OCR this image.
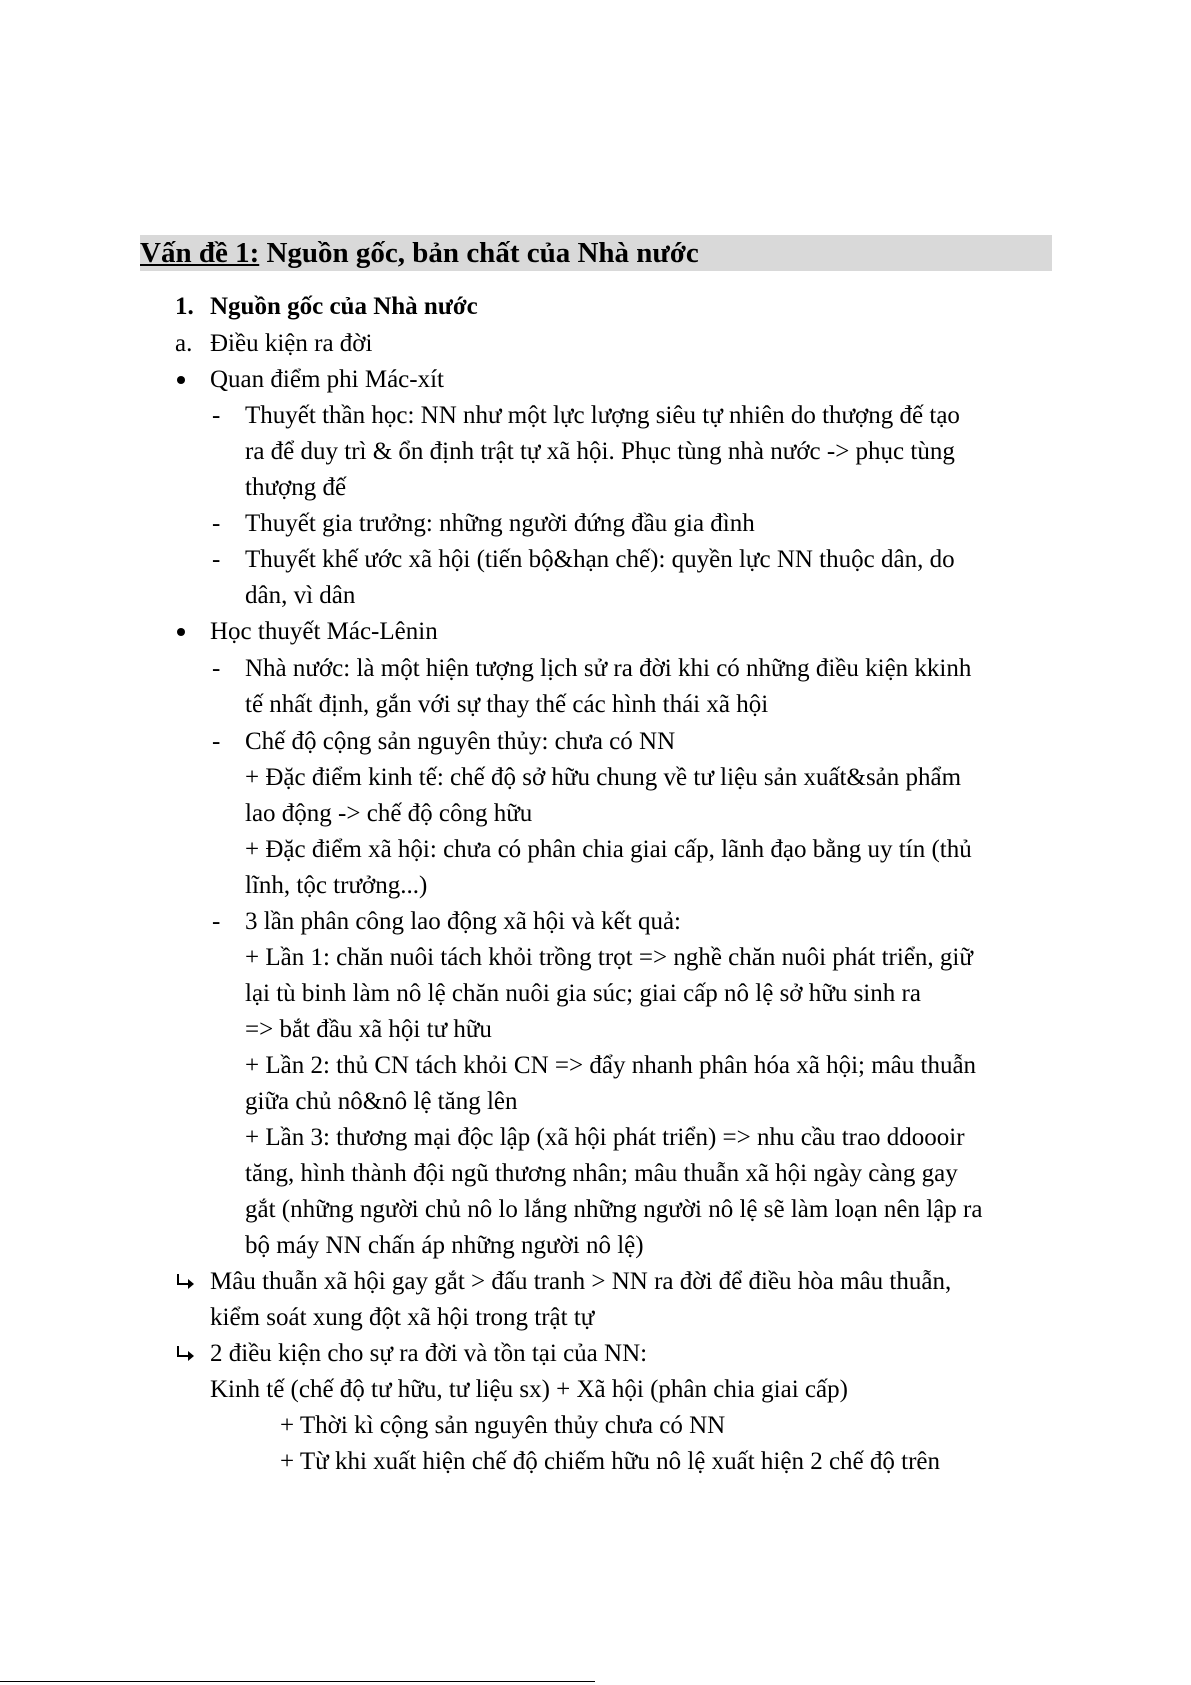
Vấn đề 1: Nguồn gốc, bản chất của Nhà nước
1. Nguồn gốc của Nhà nước
a. Điều kiện ra đời
Quan điểm phi Mác-xít
- Thuyết thần học: NN như một lực lượng siêu tự nhiên do thượng đế tạo
ra để duy trì & ổn định trật tự xã hội. Phục tùng nhà nước -> phục tùng
thượng đế
- Thuyết gia trưởng: những người đứng đầu gia đình
- Thuyết khế ước xã hội (tiến bộ&hạn chế): quyền lực NN thuộc dân, do
dân, vì dân
Học thuyết Mác-Lênin
- Nhà nước: là một hiện tượng lịch sử ra đời khi có những điều kiện kkinh
tế nhất định, gắn với sự thay thế các hình thái xã hội
- Chế độ cộng sản nguyên thủy: chưa có NN
+ Đặc điểm kinh tế: chế độ sở hữu chung về tư liệu sản xuất&sản phẩm
lao động -> chế độ công hữu
+ Đặc điểm xã hội: chưa có phân chia giai cấp, lãnh đạo bằng uy tín (thủ
lĩnh, tộc trưởng...)
- 3 lần phân công lao động xã hội và kết quả:
+ Lần 1: chăn nuôi tách khỏi trồng trọt => nghề chăn nuôi phát triển, giữ
lại tù binh làm nô lệ chăn nuôi gia súc; giai cấp nô lệ sở hữu sinh ra
=> bắt đầu xã hội tư hữu
+ Lần 2: thủ CN tách khỏi CN => đẩy nhanh phân hóa xã hội; mâu thuẫn
giữa chủ nô&nô lệ tăng lên
+ Lần 3: thương mại độc lập (xã hội phát triển) => nhu cầu trao ddoooir
tăng, hình thành đội ngũ thương nhân; mâu thuẫn xã hội ngày càng gay
gắt (những người chủ nô lo lắng những người nô lệ sẽ làm loạn nên lập ra
bộ máy NN chấn áp những người nô lệ)
Mâu thuẫn xã hội gay gắt > đấu tranh > NN ra đời để điều hòa mâu thuẫn,
kiểm soát xung đột xã hội trong trật tự
2 điều kiện cho sự ra đời và tồn tại của NN:
Kinh tế (chế độ tư hữu, tư liệu sx) + Xã hội (phân chia giai cấp)
+ Thời kì cộng sản nguyên thủy chưa có NN
+ Từ khi xuất hiện chế độ chiếm hữu nô lệ xuất hiện 2 chế độ trên
